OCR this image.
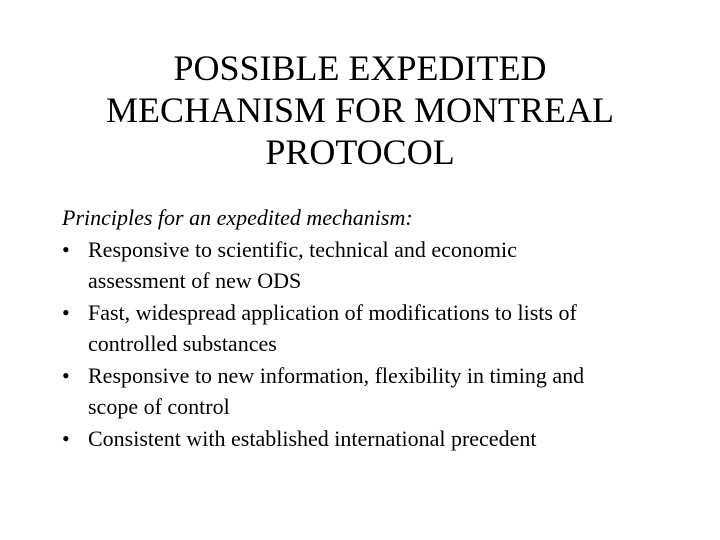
POSSIBLE EXPEDITED
MECHANISM FOR MONTREAL
PROTOCOL

Principles for an expedited mechanism:

• Responsive to scientific, technical and economic
assessment of new ODS
• Fast, widespread application of modifications to lists of
controlled substances
• Responsive to new information, flexibility in timing and
scope of control
• Consistent with established international precedent
